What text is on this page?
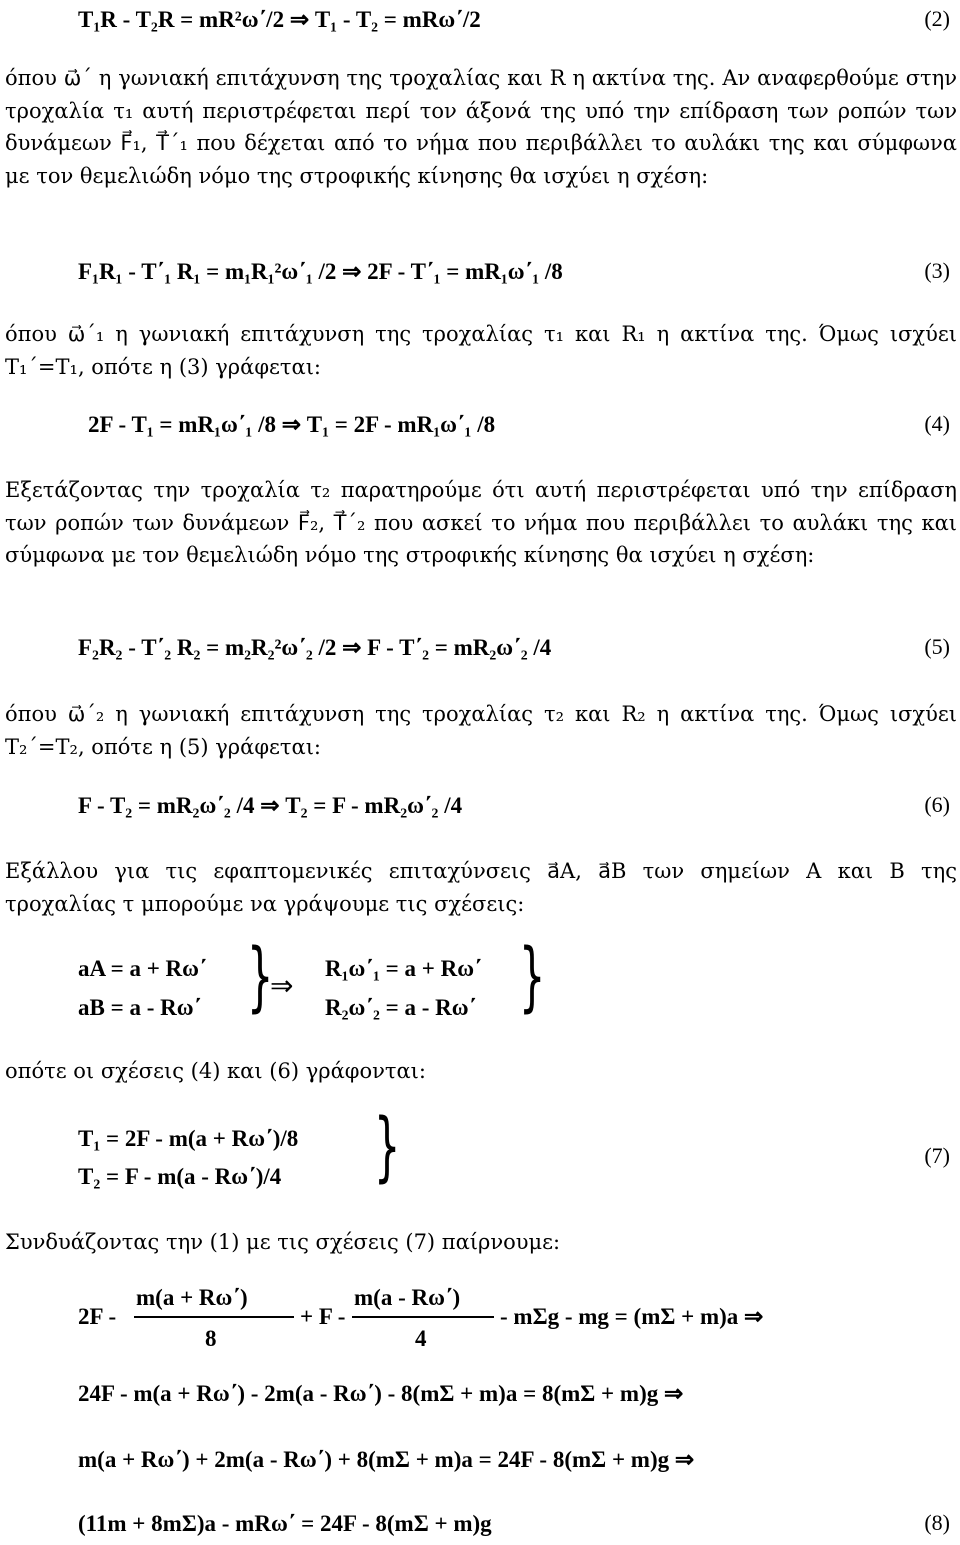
T₁R - T₂R = mR²ω΄/2 ⇒ T₁ - T₂ = mRω΄/2	(2)
όπου ω⃗΄ η γωνιακή επιτάχυνση της τροχαλίας και R η ακτίνα της. Αν αναφερθούμε στην τροχαλία τ₁ αυτή περιστρέφεται περί τον άξονά της υπό την επίδραση των ροπών των δυνάμεων F⃗₁, T⃗΄₁ που δέχεται από το νήμα που περιβάλλει το αυλάκι της και σύμφωνα με τον θεμελιώδη νόμο της στροφικής κίνησης θα ισχύει η σχέση:
F₁R₁ - T΄₁ R₁ = m₁R₁²ω΄₁ /2 ⇒ 2F - T΄₁ = mR₁ω΄₁ /8	(3)
όπου ω⃗΄₁ η γωνιακή επιτάχυνση της τροχαλίας τ₁ και R₁ η ακτίνα της. Όμως ισχύει T₁΄=T₁, οπότε η (3) γράφεται:
2F - T₁ = mR₁ω΄₁ /8 ⇒ T₁ = 2F - mR₁ω΄₁ /8	(4)
Εξετάζοντας την τροχαλία τ₂ παρατηρούμε ότι αυτή περιστρέφεται υπό την επίδραση των ροπών των δυνάμεων F⃗₂, T⃗΄₂ που ασκεί το νήμα που περιβάλλει το αυλάκι της και σύμφωνα με τον θεμελιώδη νόμο της στροφικής κίνησης θα ισχύει η σχέση:
F₂R₂ - T΄₂ R₂ = m₂R₂²ω΄₂ /2 ⇒ F - T΄₂ = mR₂ω΄₂ /4	(5)
όπου ω⃗΄₂ η γωνιακή επιτάχυνση της τροχαλίας τ₂ και R₂ η ακτίνα της. Όμως ισχύει T₂΄=T₂, οπότε η (5) γράφεται:
F - T₂ = mR₂ω΄₂ /4 ⇒ T₂ = F - mR₂ω΄₂ /4	(6)
Εξάλλου για τις εφαπτομενικές επιταχύνσεις a⃗A, a⃗B των σημείων Α και Β της τροχαλίας τ μπορούμε να γράψουμε τις σχέσεις:
aA = a + Rω΄
aB = a - Rω΄ }
⇒
R₁ω΄₁ = a + Rω΄
R₂ω΄₂ = a - Rω΄ }
οπότε οι σχέσεις (4) και (6) γράφονται:
T₁ = 2F - m(a + Rω΄)/8
T₂ = F - m(a - Rω΄)/4 }	(7)
Συνδυάζοντας την (1) με τις σχέσεις (7) παίρνουμε:
2F -
m(a + Rω΄)
8
+ F -
m(a - Rω΄)
4
- mΣg - mg = (mΣ + m)a ⇒
24F - m(a + Rω΄) - 2m(a - Rω΄) - 8(mΣ + m)a = 8(mΣ + m)g ⇒
m(a + Rω΄) + 2m(a - Rω΄) + 8(mΣ + m)a = 24F - 8(mΣ + m)g ⇒
(11m + 8mΣ)a - mRω΄ = 24F - 8(mΣ + m)g	(8)
